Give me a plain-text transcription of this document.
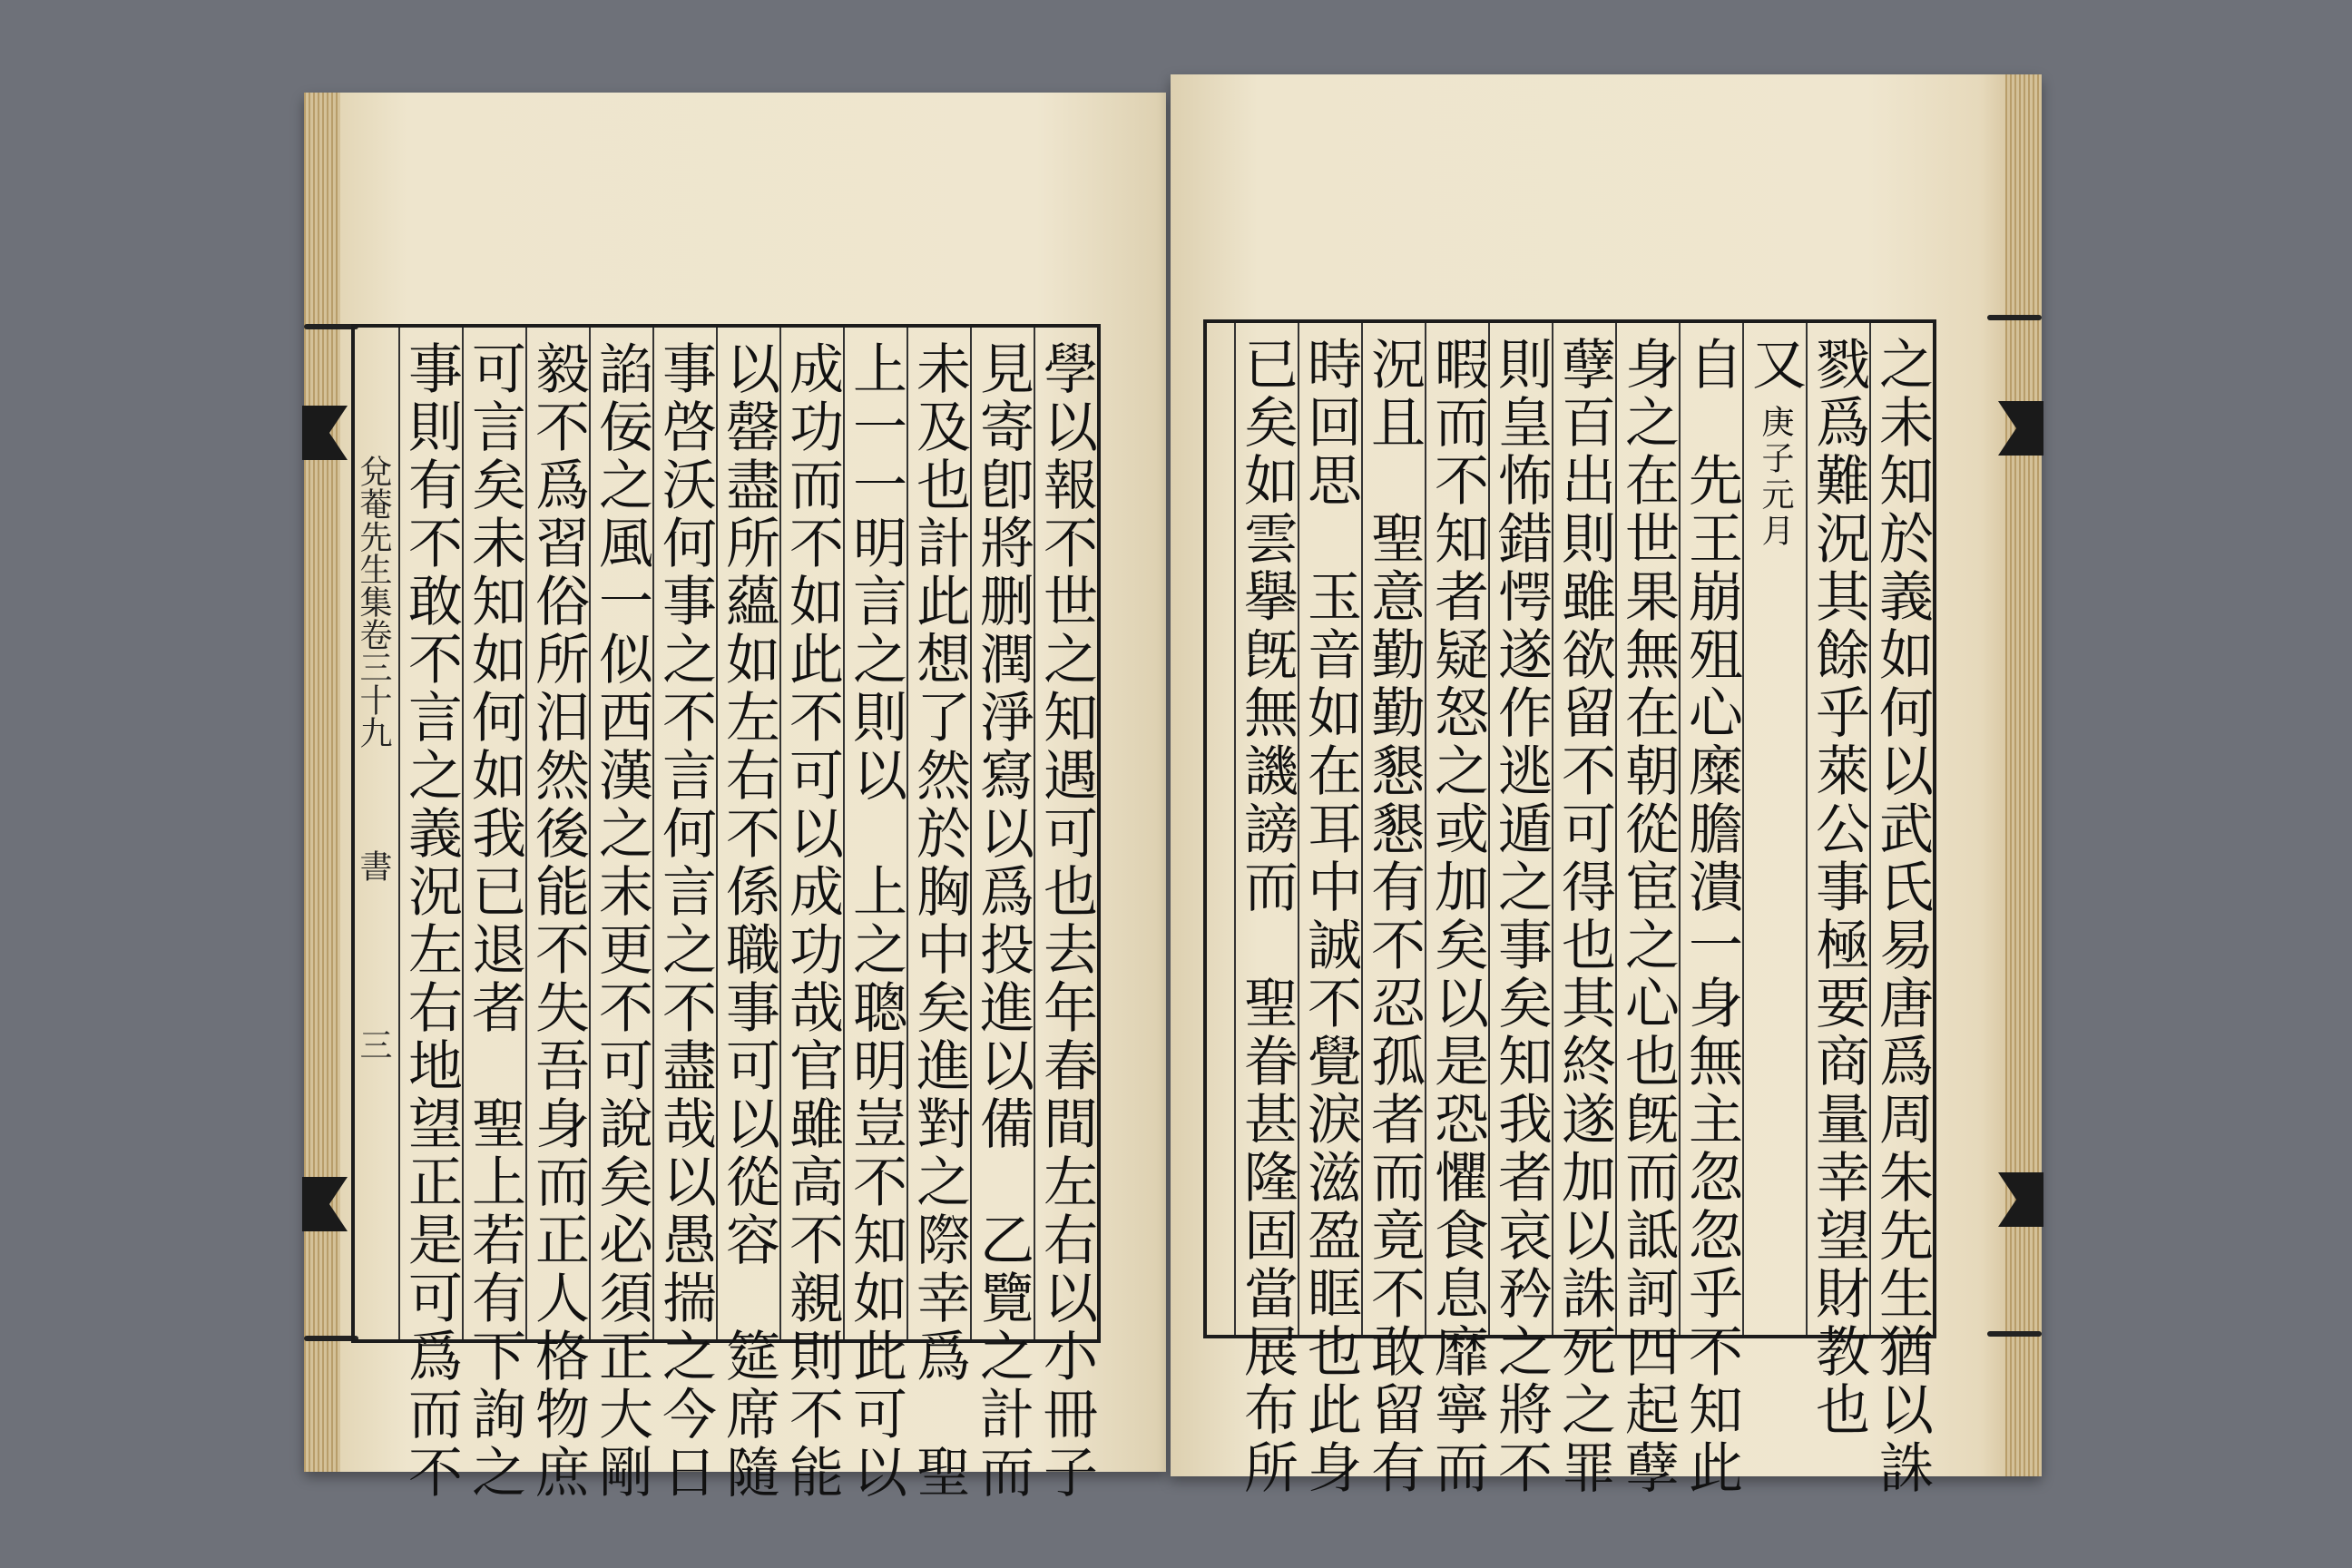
兌菴先生集卷三十九 書 三	學以報不世之知遇可也去年春間左右以小冊子
見寄卽將删潤淨寫以爲投進以備　乙覽之計而
未及也計此想了然於胸中矣進對之際幸爲　聖
上一一明言之則以　上之聰明豈不知如此可以
成功而不如此不可以成功哉官雖高不親則不能
以罄盡所蘊如左右不係職事可以從容　筵席隨
事啓沃何事之不言何言之不盡哉以愚揣之今日
諂佞之風一似西漢之末更不可說矣必須正大剛
毅不爲習俗所汨然後能不失吾身而正人格物庶
可言矣未知如何如我已退者　聖上若有下詢之
事則有不敢不言之義況左右地望正是可爲而不	之未知於義如何以武氏易唐爲周朱先生猶以誅
戮爲難況其餘乎萊公事極要商量幸望財教也
又庚子元月
自　先王崩殂心糜膽潰一身無主忽忽乎不知此
身之在世果無在朝從宦之心也旣而詆訶四起孽
孽百出則雖欲留不可得也其終遂加以誅死之罪
則皇怖錯愕遂作逃遁之事矣知我者哀矜之將不
暇而不知者疑怒之或加矣以是恐懼食息靡寧而
況且　聖意勤勤懇懇有不忍孤者而竟不敢留有
時回思　玉音如在耳中誠不覺淚滋盈眶也此身
已矣如雲擧旣無譏謗而　聖眷甚隆固當展布所
